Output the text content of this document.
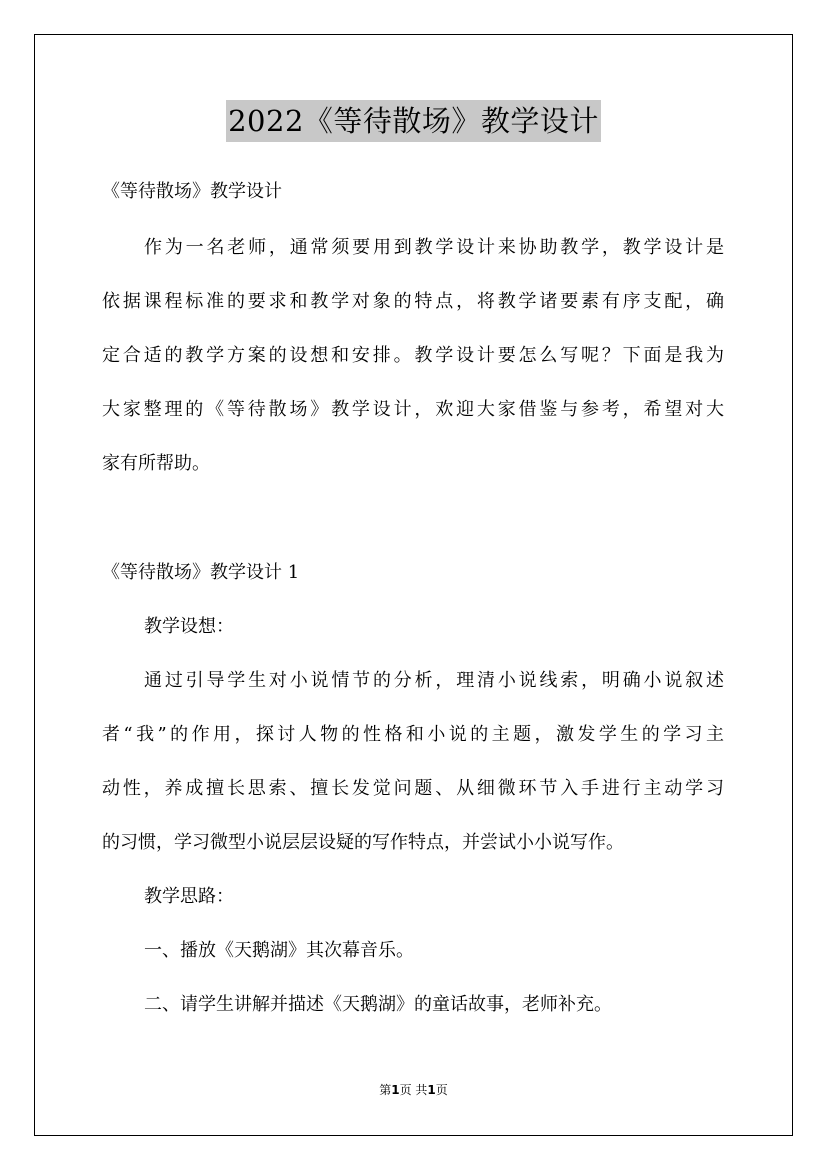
2022《等待散场》教学设计
《等待散场》教学设计
作为一名老师，通常须要用到教学设计来协助教学，教学设计是
依据课程标准的要求和教学对象的特点，将教学诸要素有序支配，确
定合适的教学方案的设想和安排。教学设计要怎么写呢？下面是我为
大家整理的《等待散场》教学设计，欢迎大家借鉴与参考，希望对大
家有所帮助。
《等待散场》教学设计 1
教学设想：
通过引导学生对小说情节的分析，理清小说线索，明确小说叙述
者“我”的作用，探讨人物的性格和小说的主题，激发学生的学习主
动性，养成擅长思索、擅长发觉问题、从细微环节入手进行主动学习
的习惯，学习微型小说层层设疑的写作特点，并尝试小小说写作。
教学思路：
一、播放《天鹅湖》其次幕音乐。
二、请学生讲解并描述《天鹅湖》的童话故事，老师补充。
第1页 共1页
